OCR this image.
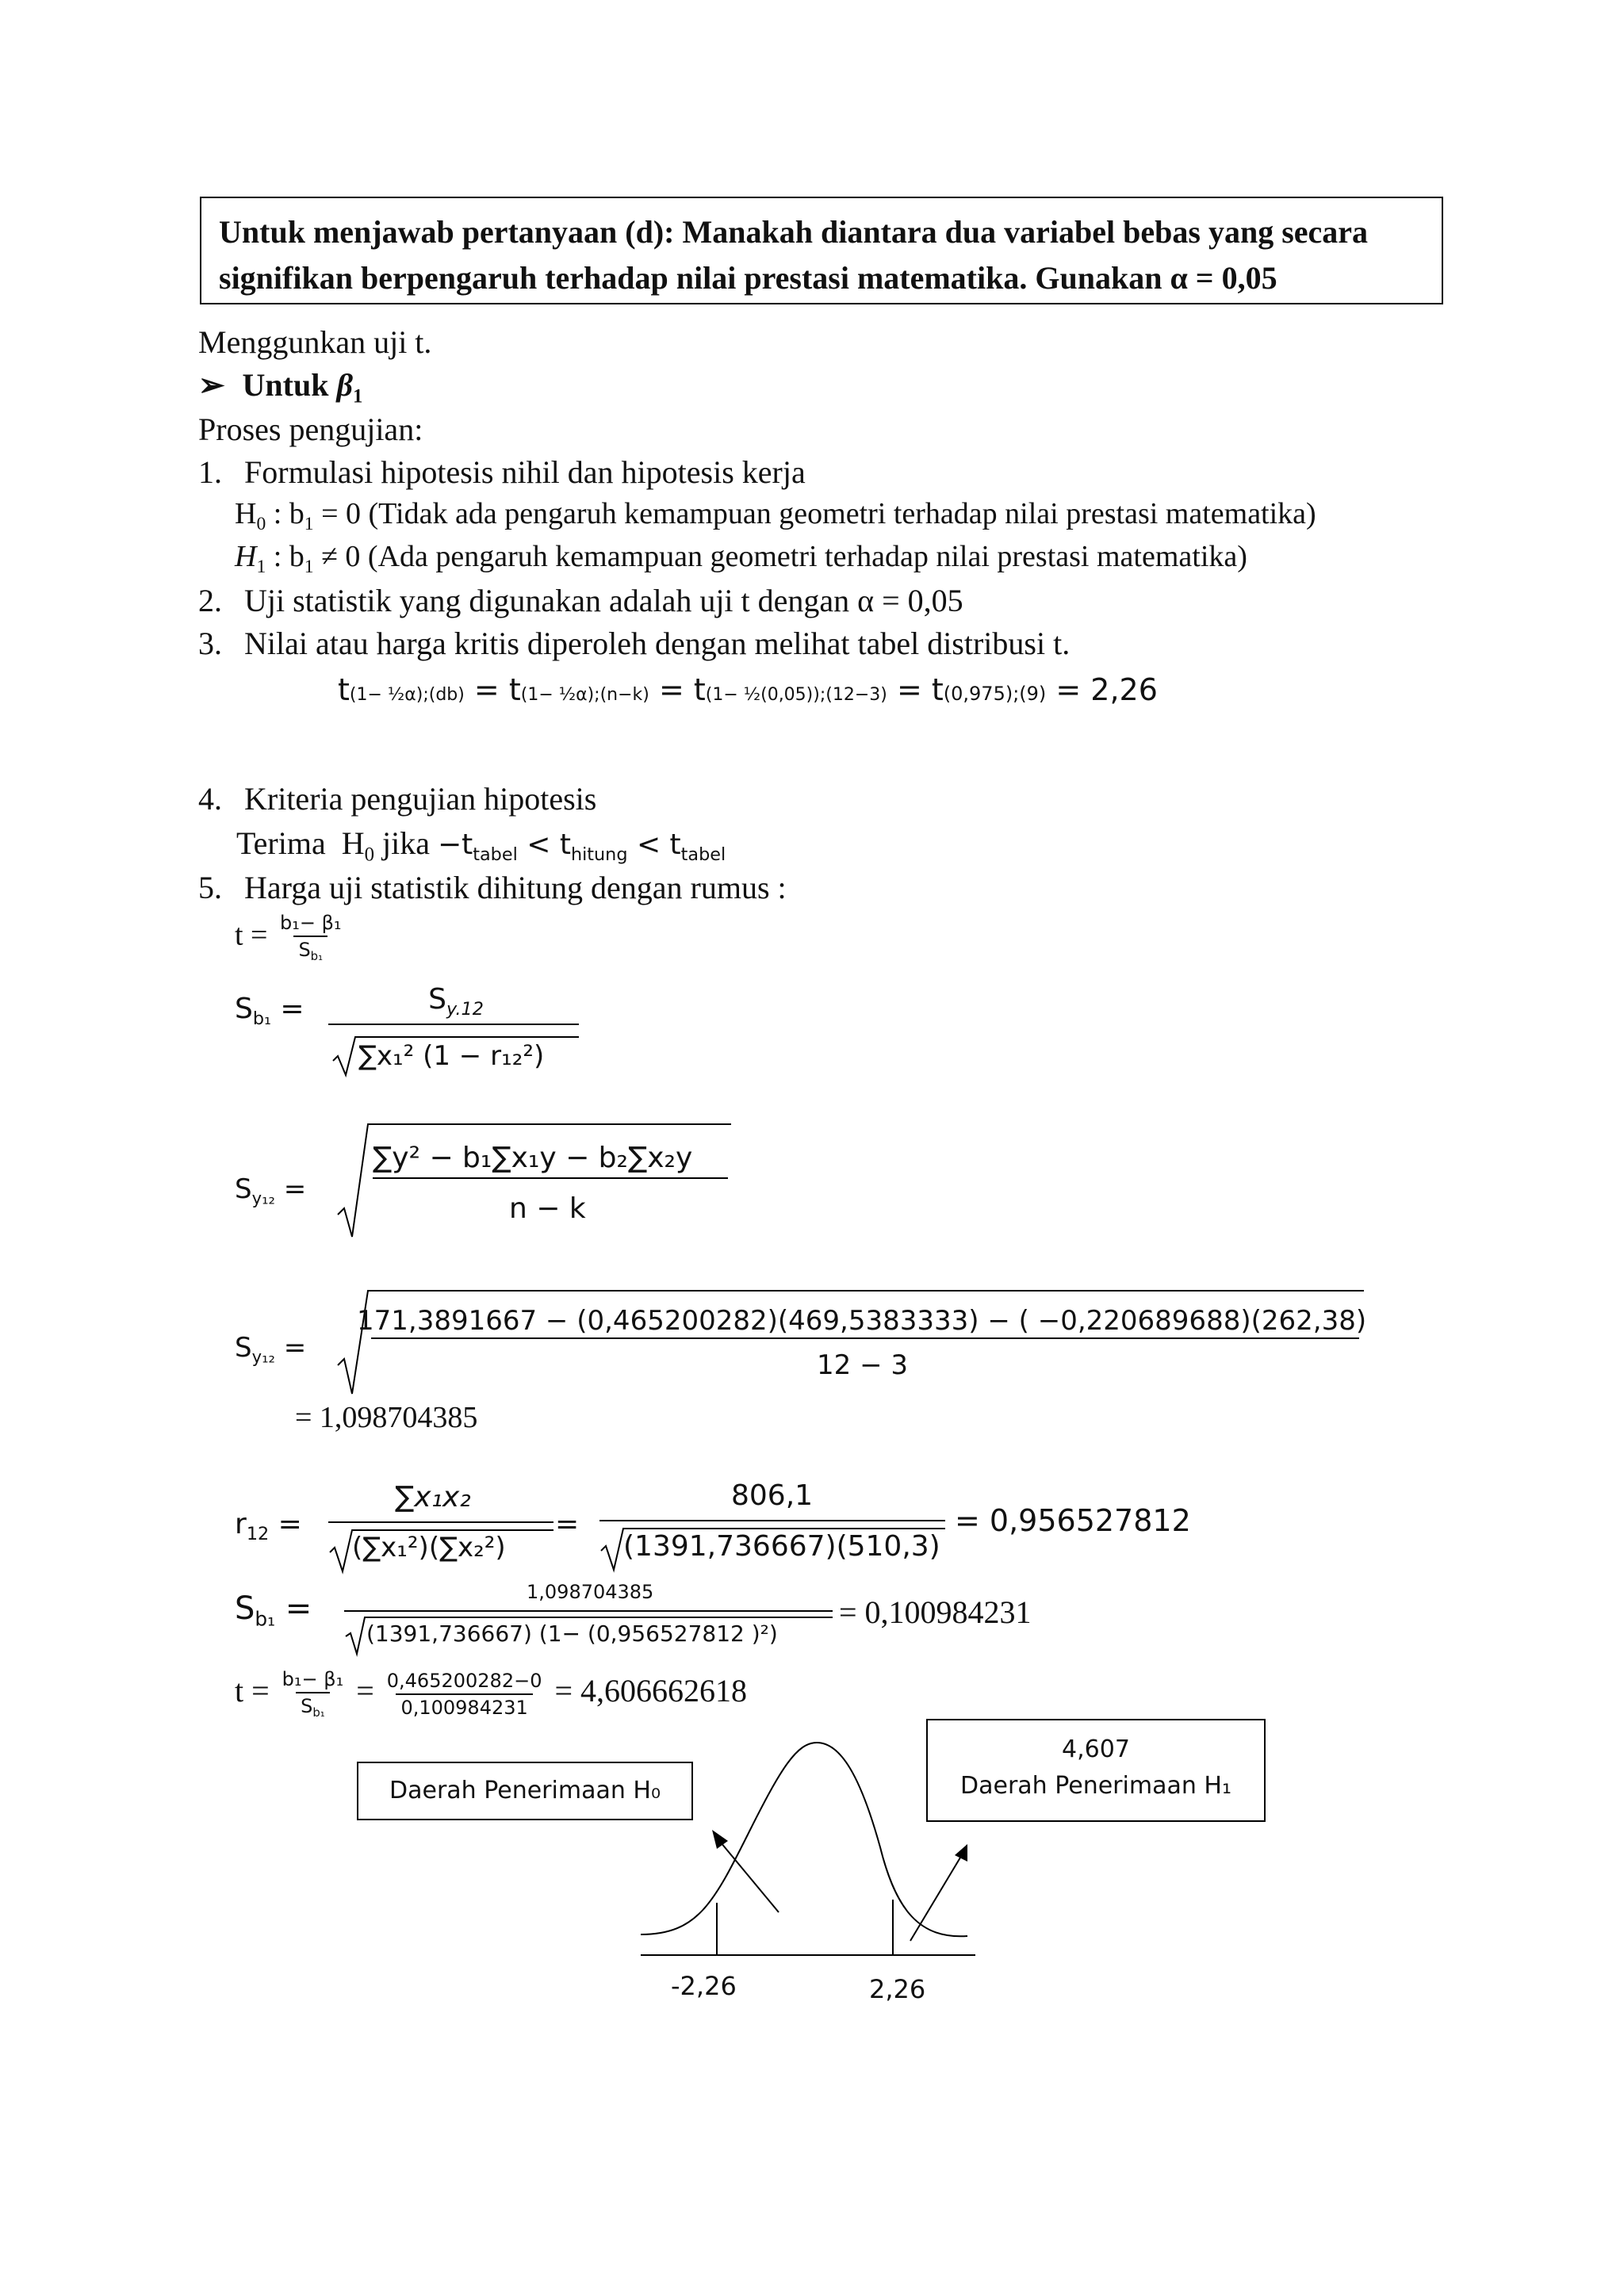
Untuk menjawab pertanyaan (d): Manakah diantara dua variabel bebas yang secara
signifikan berpengaruh terhadap nilai prestasi matematika. Gunakan α = 0,05
Menggunkan uji t.
➢ Untuk $\beta_1$
Proses pengujian:
1. Formulasi hipotesis nihil dan hipotesis kerja
$H_0$ : $b_1 = 0$ (Tidak ada pengaruh kemampuan geometri terhadap nilai prestasi matematika)
$H_1$ : $b_1 \ne 0$ (Ada pengaruh kemampuan geometri terhadap nilai prestasi matematika)
2. Uji statistik yang digunakan adalah uji t dengan α = 0,05
3. Nilai atau harga kritis diperoleh dengan melihat tabel distribusi t.
t(1− ½α);(db) = t(1− ½α);(n−k) = t(1− ½(0,05));(12−3) = t(0,975);(9) = 2,26
4. Kriteria pengujian hipotesis
Terima $H_0$ jika $-t_{tabel} < t_{hitung} < t_{tabel}$
5. Harga uji statistik dihitung dengan rumus :
$t = \frac{\text{b₁− β₁}}{S_{b_1}}$
$S_{b_1}$ =	$S_{y.12}$
∑x₁² (1 − r₁₂²)
$S_{y_{12}}$ =
∑y² − b₁∑x₁y − b₂∑x₂y
n − k
$S_{y_{12}}$ =
171,3891667 − (0,465200282)(469,5383333) − ( −0,220689688)(262,38)
12 − 3
= 1,098704385
$r_{12}$ =
∑x₁x₂
(∑x₁²)(∑x₂²)
=
806,1
(1391,736667)(510,3)
= 0,956527812
$S_{b_1}$ =	1,098704385
(1391,736667) (1− (0,956527812 )²)
= 0,100984231
$t = \frac{\text{b₁− β₁}}{S_{b_1}} = \frac{0,465200282-0}{0,100984231} = 4,606662618$
Daerah Penerimaan H₀
4,607
Daerah Penerimaan H₁
-2,26	2,26
